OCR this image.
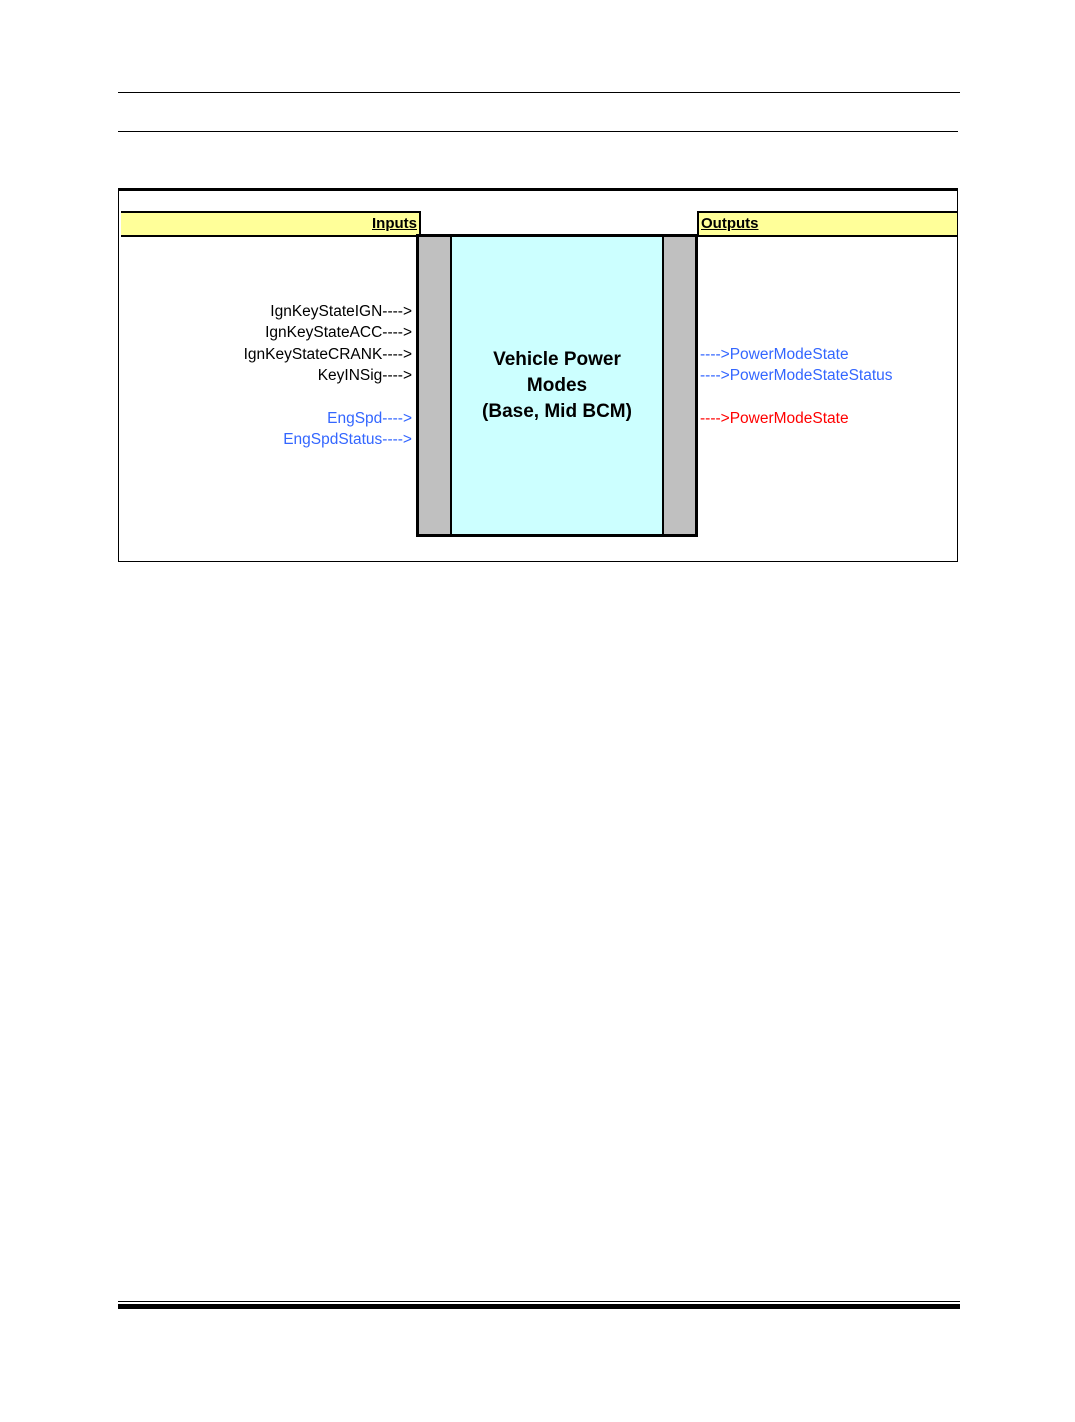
Inputs	Outputs
Vehicle Power
Modes
(Base, Mid BCM)
IgnKeyStateIGN---->
IgnKeyStateACC---->
IgnKeyStateCRANK---->
KeyINSig---->
EngSpd---->
EngSpdStatus---->
---->PowerModeState
---->PowerModeStateStatus
---->PowerModeState
